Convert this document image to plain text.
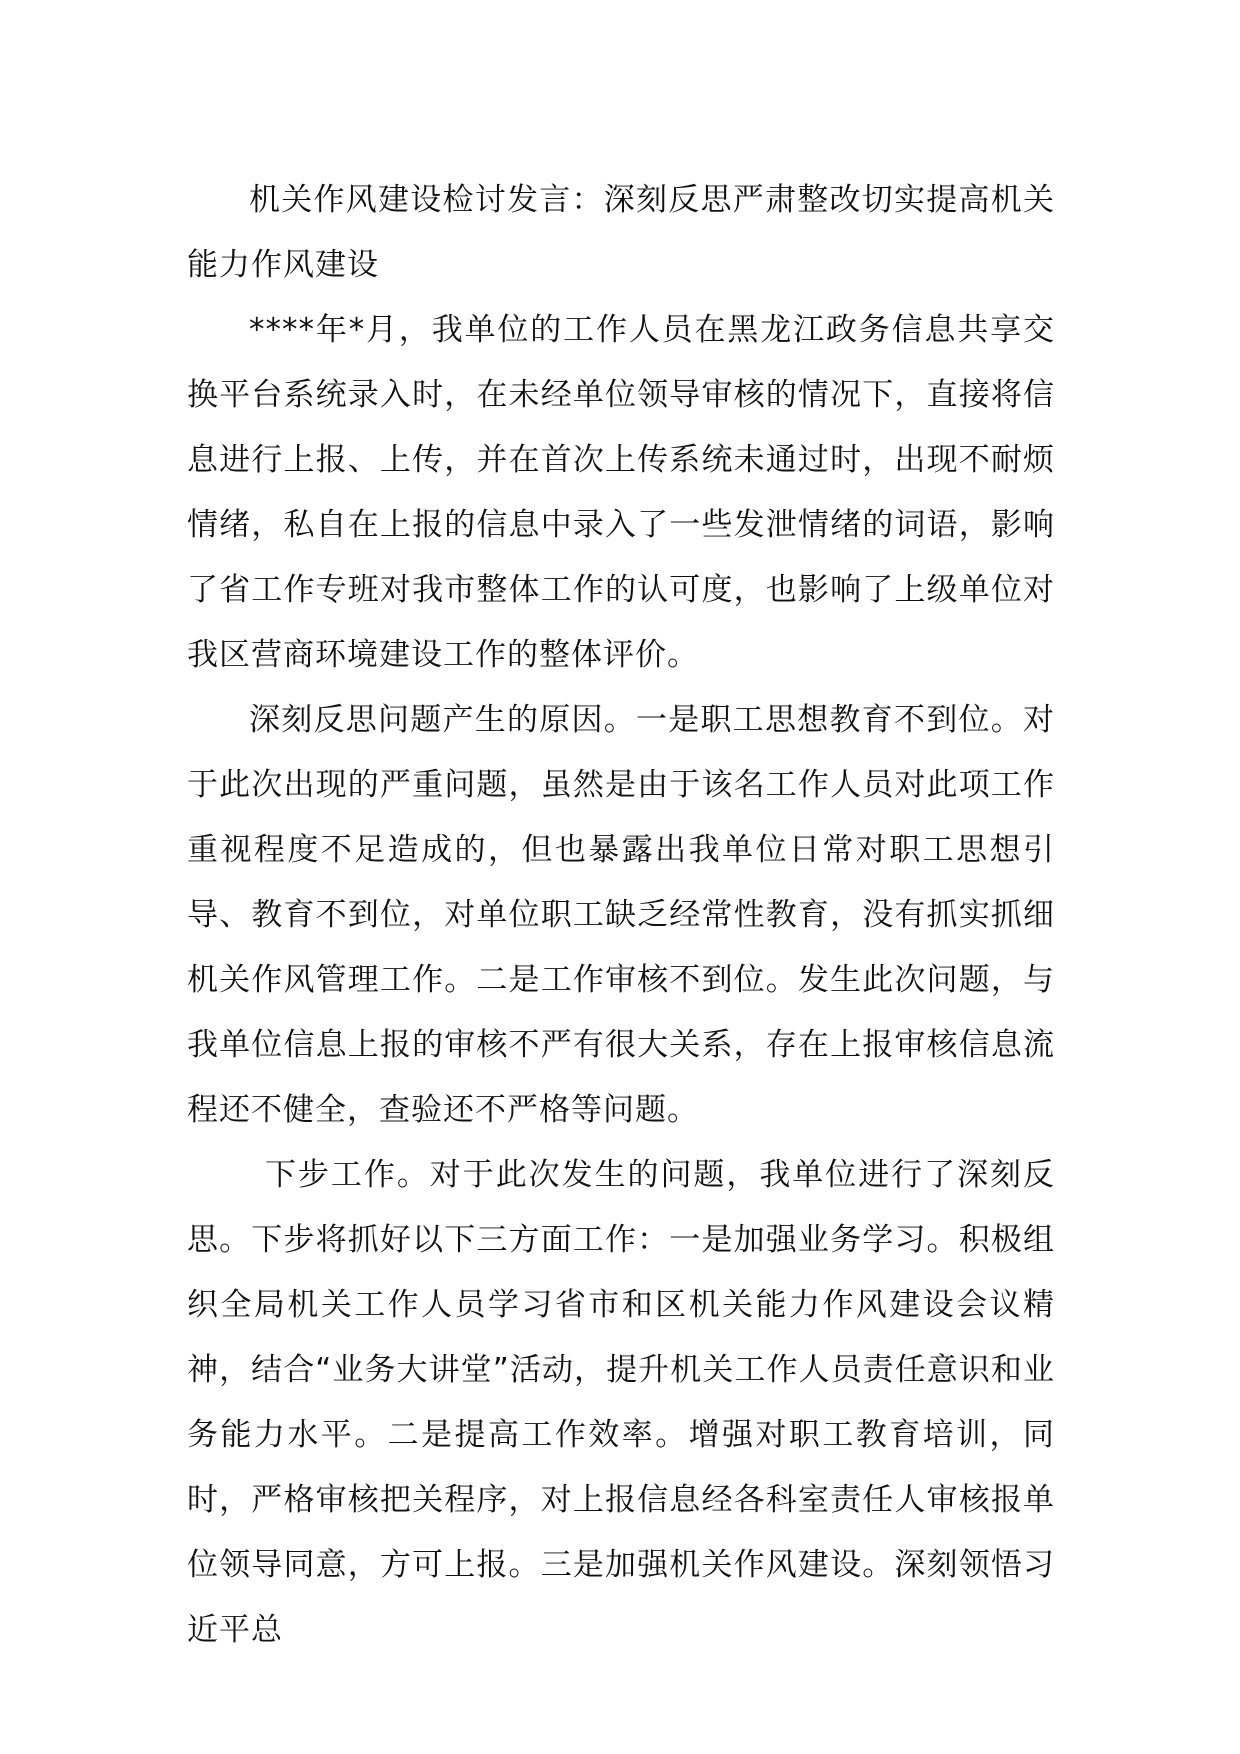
机关作风建设检讨发言：深刻反思严肃整改切实提高机关能力作风建设

****年*月，我单位的工作人员在黑龙江政务信息共享交换平台系统录入时，在未经单位领导审核的情况下，直接将信息进行上报、上传，并在首次上传系统未通过时，出现不耐烦情绪，私自在上报的信息中录入了一些发泄情绪的词语，影响了省工作专班对我市整体工作的认可度，也影响了上级单位对我区营商环境建设工作的整体评价。

深刻反思问题产生的原因。一是职工思想教育不到位。对于此次出现的严重问题，虽然是由于该名工作人员对此项工作重视程度不足造成的，但也暴露出我单位日常对职工思想引导、教育不到位，对单位职工缺乏经常性教育，没有抓实抓细机关作风管理工作。二是工作审核不到位。发生此次问题，与我单位信息上报的审核不严有很大关系，存在上报审核信息流程还不健全，查验还不严格等问题。

下步工作。对于此次发生的问题，我单位进行了深刻反思。下步将抓好以下三方面工作：一是加强业务学习。积极组织全局机关工作人员学习省市和区机关能力作风建设会议精神，结合“业务大讲堂”活动，提升机关工作人员责任意识和业务能力水平。二是提高工作效率。增强对职工教育培训，同时，严格审核把关程序，对上报信息经各科室责任人审核报单位领导同意，方可上报。三是加强机关作风建设。深刻领悟习近平总
